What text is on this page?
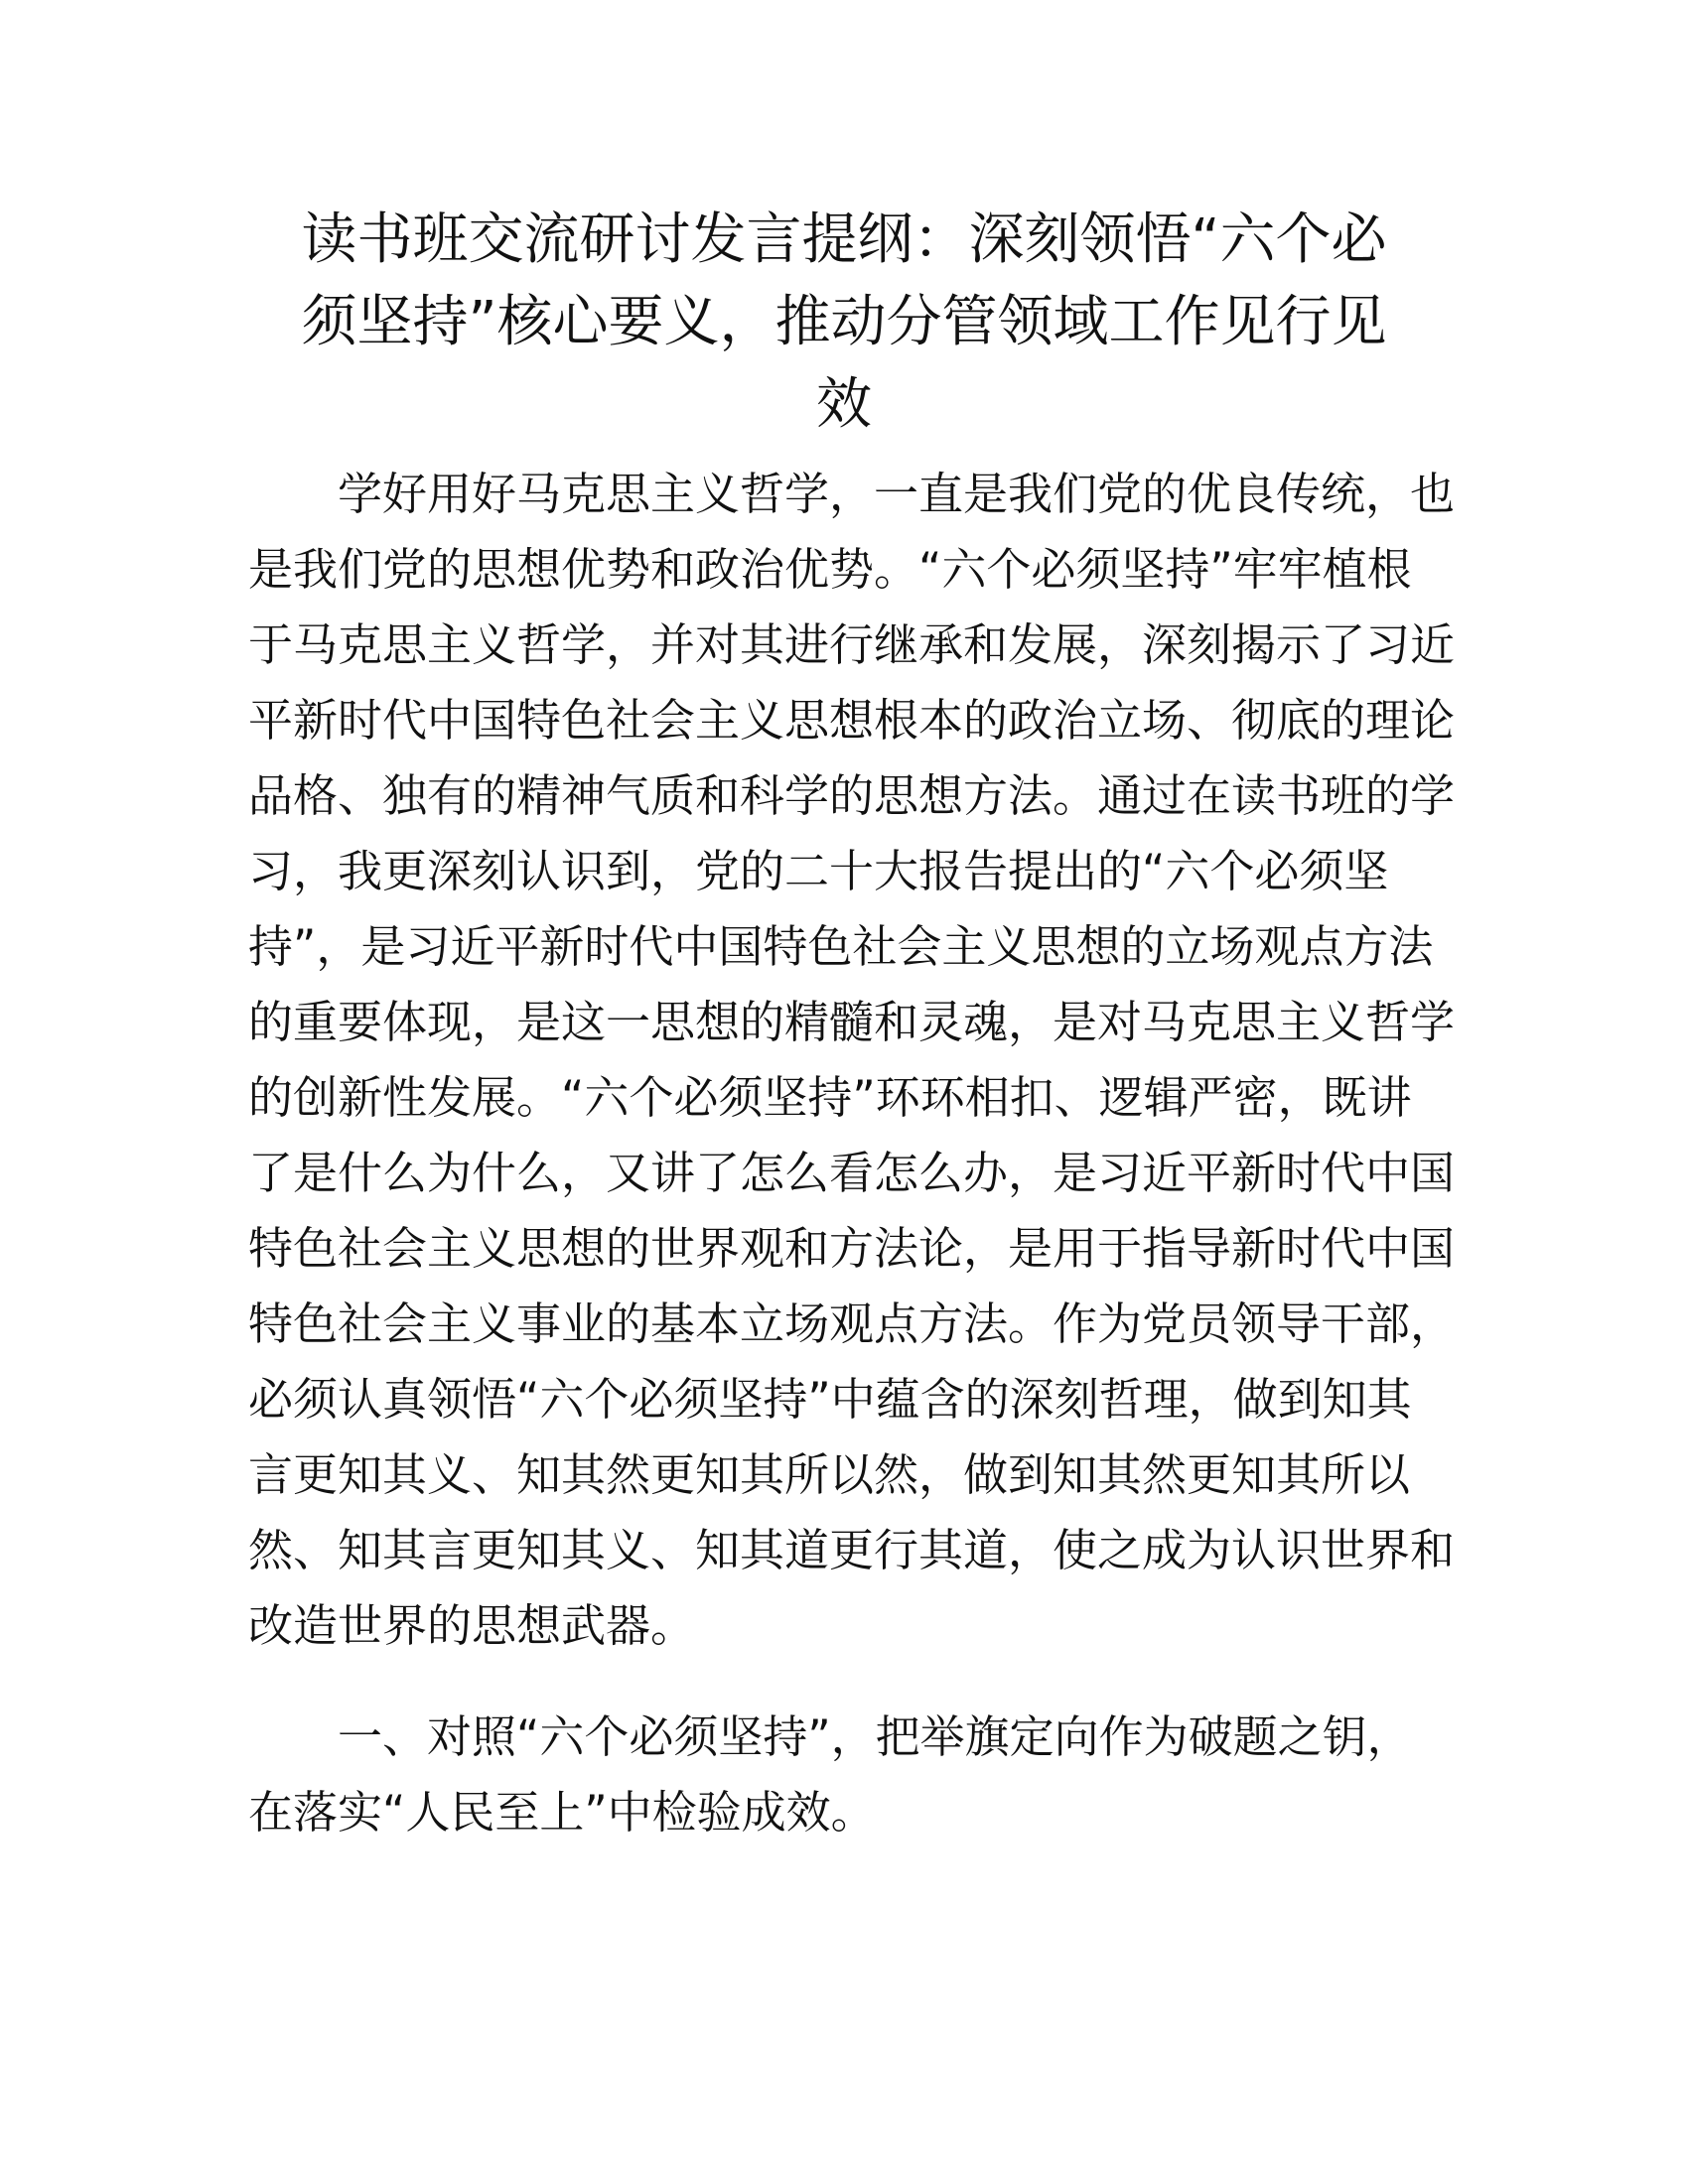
读书班交流研讨发言提纲：深刻领悟“六个必
须坚持”核心要义，推动分管领域工作见行见
效

学好用好马克思主义哲学，一直是我们党的优良传统，也
是我们党的思想优势和政治优势。“六个必须坚持”牢牢植根
于马克思主义哲学，并对其进行继承和发展，深刻揭示了习近
平新时代中国特色社会主义思想根本的政治立场、彻底的理论
品格、独有的精神气质和科学的思想方法。通过在读书班的学
习，我更深刻认识到，党的二十大报告提出的“六个必须坚
持”，是习近平新时代中国特色社会主义思想的立场观点方法
的重要体现，是这一思想的精髓和灵魂，是对马克思主义哲学
的创新性发展。“六个必须坚持”环环相扣、逻辑严密，既讲
了是什么为什么，又讲了怎么看怎么办，是习近平新时代中国
特色社会主义思想的世界观和方法论，是用于指导新时代中国
特色社会主义事业的基本立场观点方法。作为党员领导干部，
必须认真领悟“六个必须坚持”中蕴含的深刻哲理，做到知其
言更知其义、知其然更知其所以然，做到知其然更知其所以
然、知其言更知其义、知其道更行其道，使之成为认识世界和
改造世界的思想武器。

一、对照“六个必须坚持”，把举旗定向作为破题之钥，
在落实“人民至上”中检验成效。
